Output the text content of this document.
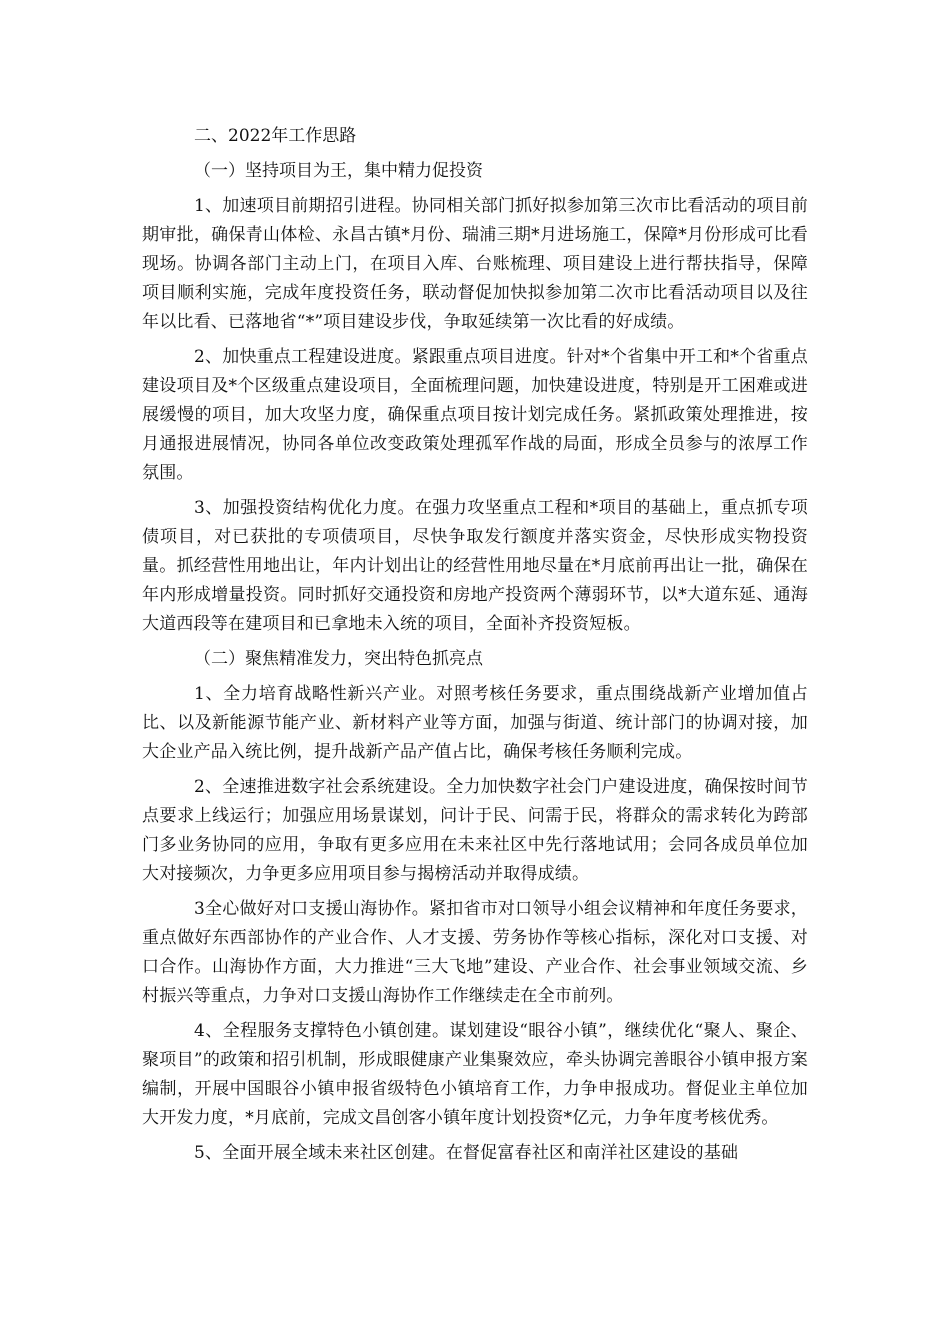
二、2022年工作思路

（一）坚持项目为王，集中精力促投资

1、加速项目前期招引进程。协同相关部门抓好拟参加第三次市比看活动的项目前期审批，确保青山体检、永昌古镇*月份、瑞浦三期*月进场施工，保障*月份形成可比看现场。协调各部门主动上门，在项目入库、台账梳理、项目建设上进行帮扶指导，保障项目顺利实施，完成年度投资任务，联动督促加快拟参加第二次市比看活动项目以及往年以比看、已落地省“*”项目建设步伐，争取延续第一次比看的好成绩。

2、加快重点工程建设进度。紧跟重点项目进度。针对*个省集中开工和*个省重点建设项目及*个区级重点建设项目，全面梳理问题，加快建设进度，特别是开工困难或进展缓慢的项目，加大攻坚力度，确保重点项目按计划完成任务。紧抓政策处理推进，按月通报进展情况，协同各单位改变政策处理孤军作战的局面，形成全员参与的浓厚工作氛围。

3、加强投资结构优化力度。在强力攻坚重点工程和*项目的基础上，重点抓专项债项目，对已获批的专项债项目，尽快争取发行额度并落实资金，尽快形成实物投资量。抓经营性用地出让，年内计划出让的经营性用地尽量在*月底前再出让一批，确保在年内形成增量投资。同时抓好交通投资和房地产投资两个薄弱环节，以*大道东延、通海大道西段等在建项目和已拿地未入统的项目，全面补齐投资短板。

（二）聚焦精准发力，突出特色抓亮点

1、全力培育战略性新兴产业。对照考核任务要求，重点围绕战新产业增加值占比、以及新能源节能产业、新材料产业等方面，加强与街道、统计部门的协调对接，加大企业产品入统比例，提升战新产品产值占比，确保考核任务顺利完成。

2、全速推进数字社会系统建设。全力加快数字社会门户建设进度，确保按时间节点要求上线运行；加强应用场景谋划，问计于民、问需于民，将群众的需求转化为跨部门多业务协同的应用，争取有更多应用在未来社区中先行落地试用；会同各成员单位加大对接频次，力争更多应用项目参与揭榜活动并取得成绩。

3全心做好对口支援山海协作。紧扣省市对口领导小组会议精神和年度任务要求，重点做好东西部协作的产业合作、人才支援、劳务协作等核心指标，深化对口支援、对口合作。山海协作方面，大力推进“三大飞地”建设、产业合作、社会事业领域交流、乡村振兴等重点，力争对口支援山海协作工作继续走在全市前列。

4、全程服务支撑特色小镇创建。谋划建设“眼谷小镇”，继续优化“聚人、聚企、聚项目”的政策和招引机制，形成眼健康产业集聚效应，牵头协调完善眼谷小镇申报方案编制，开展中国眼谷小镇申报省级特色小镇培育工作，力争申报成功。督促业主单位加大开发力度，*月底前，完成文昌创客小镇年度计划投资*亿元，力争年度考核优秀。

5、全面开展全域未来社区创建。在督促富春社区和南洋社区建设的基础
